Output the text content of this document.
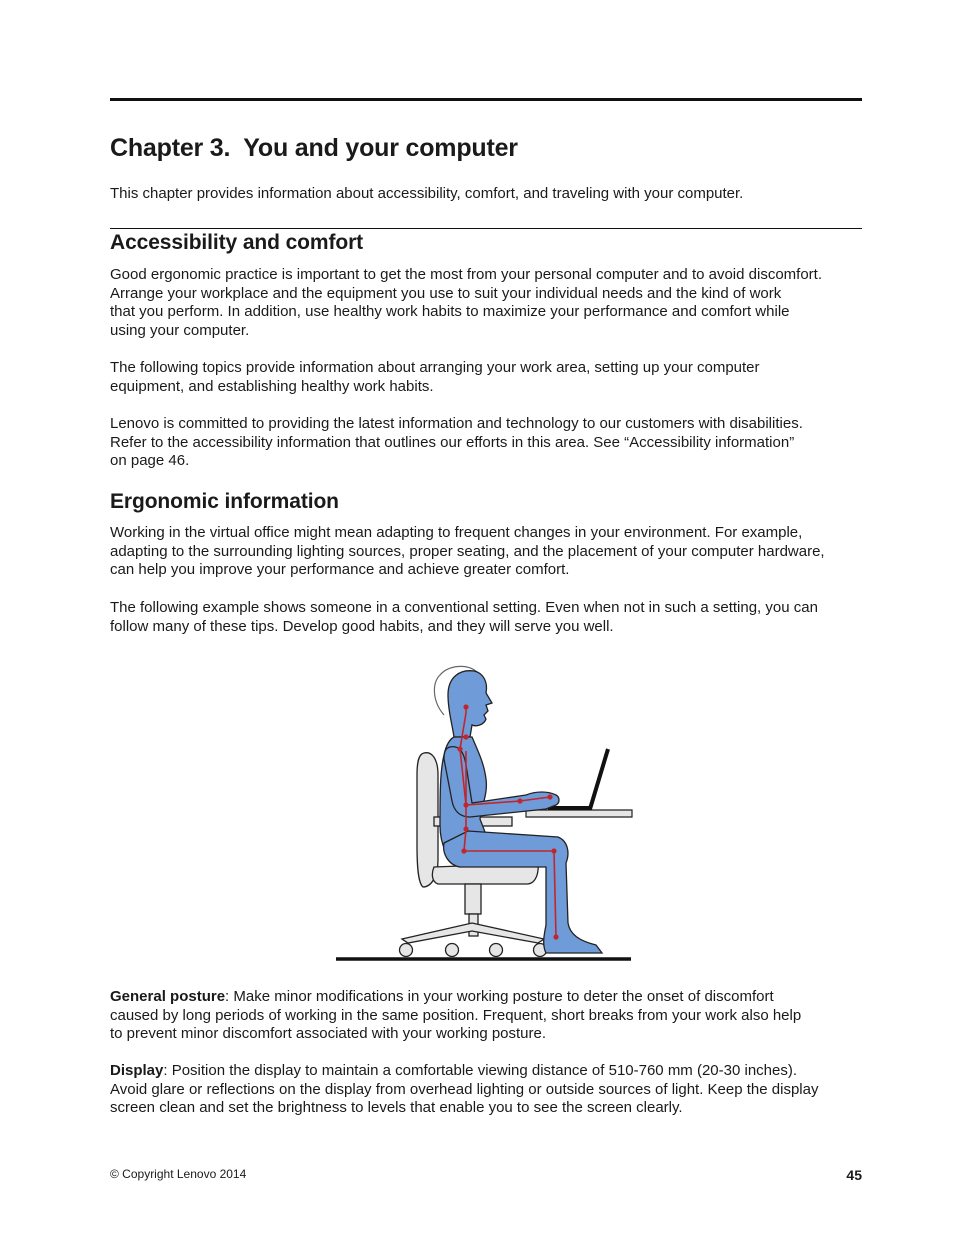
Chapter 3.  You and your computer

This chapter provides information about accessibility, comfort, and traveling with your computer.

Accessibility and comfort

Good ergonomic practice is important to get the most from your personal computer and to avoid discomfort.
Arrange your workplace and the equipment you use to suit your individual needs and the kind of work
that you perform. In addition, use healthy work habits to maximize your performance and comfort while
using your computer.

The following topics provide information about arranging your work area, setting up your computer
equipment, and establishing healthy work habits.

Lenovo is committed to providing the latest information and technology to our customers with disabilities.
Refer to the accessibility information that outlines our efforts in this area. See “Accessibility information”
on page 46.

Ergonomic information

Working in the virtual office might mean adapting to frequent changes in your environment. For example,
adapting to the surrounding lighting sources, proper seating, and the placement of your computer hardware,
can help you improve your performance and achieve greater comfort.

The following example shows someone in a conventional setting. Even when not in such a setting, you can
follow many of these tips. Develop good habits, and they will serve you well.

General posture: Make minor modifications in your working posture to deter the onset of discomfort
caused by long periods of working in the same position. Frequent, short breaks from your work also help
to prevent minor discomfort associated with your working posture.

Display: Position the display to maintain a comfortable viewing distance of 510-760 mm (20-30 inches).
Avoid glare or reflections on the display from overhead lighting or outside sources of light. Keep the display
screen clean and set the brightness to levels that enable you to see the screen clearly.

© Copyright Lenovo 2014	45
